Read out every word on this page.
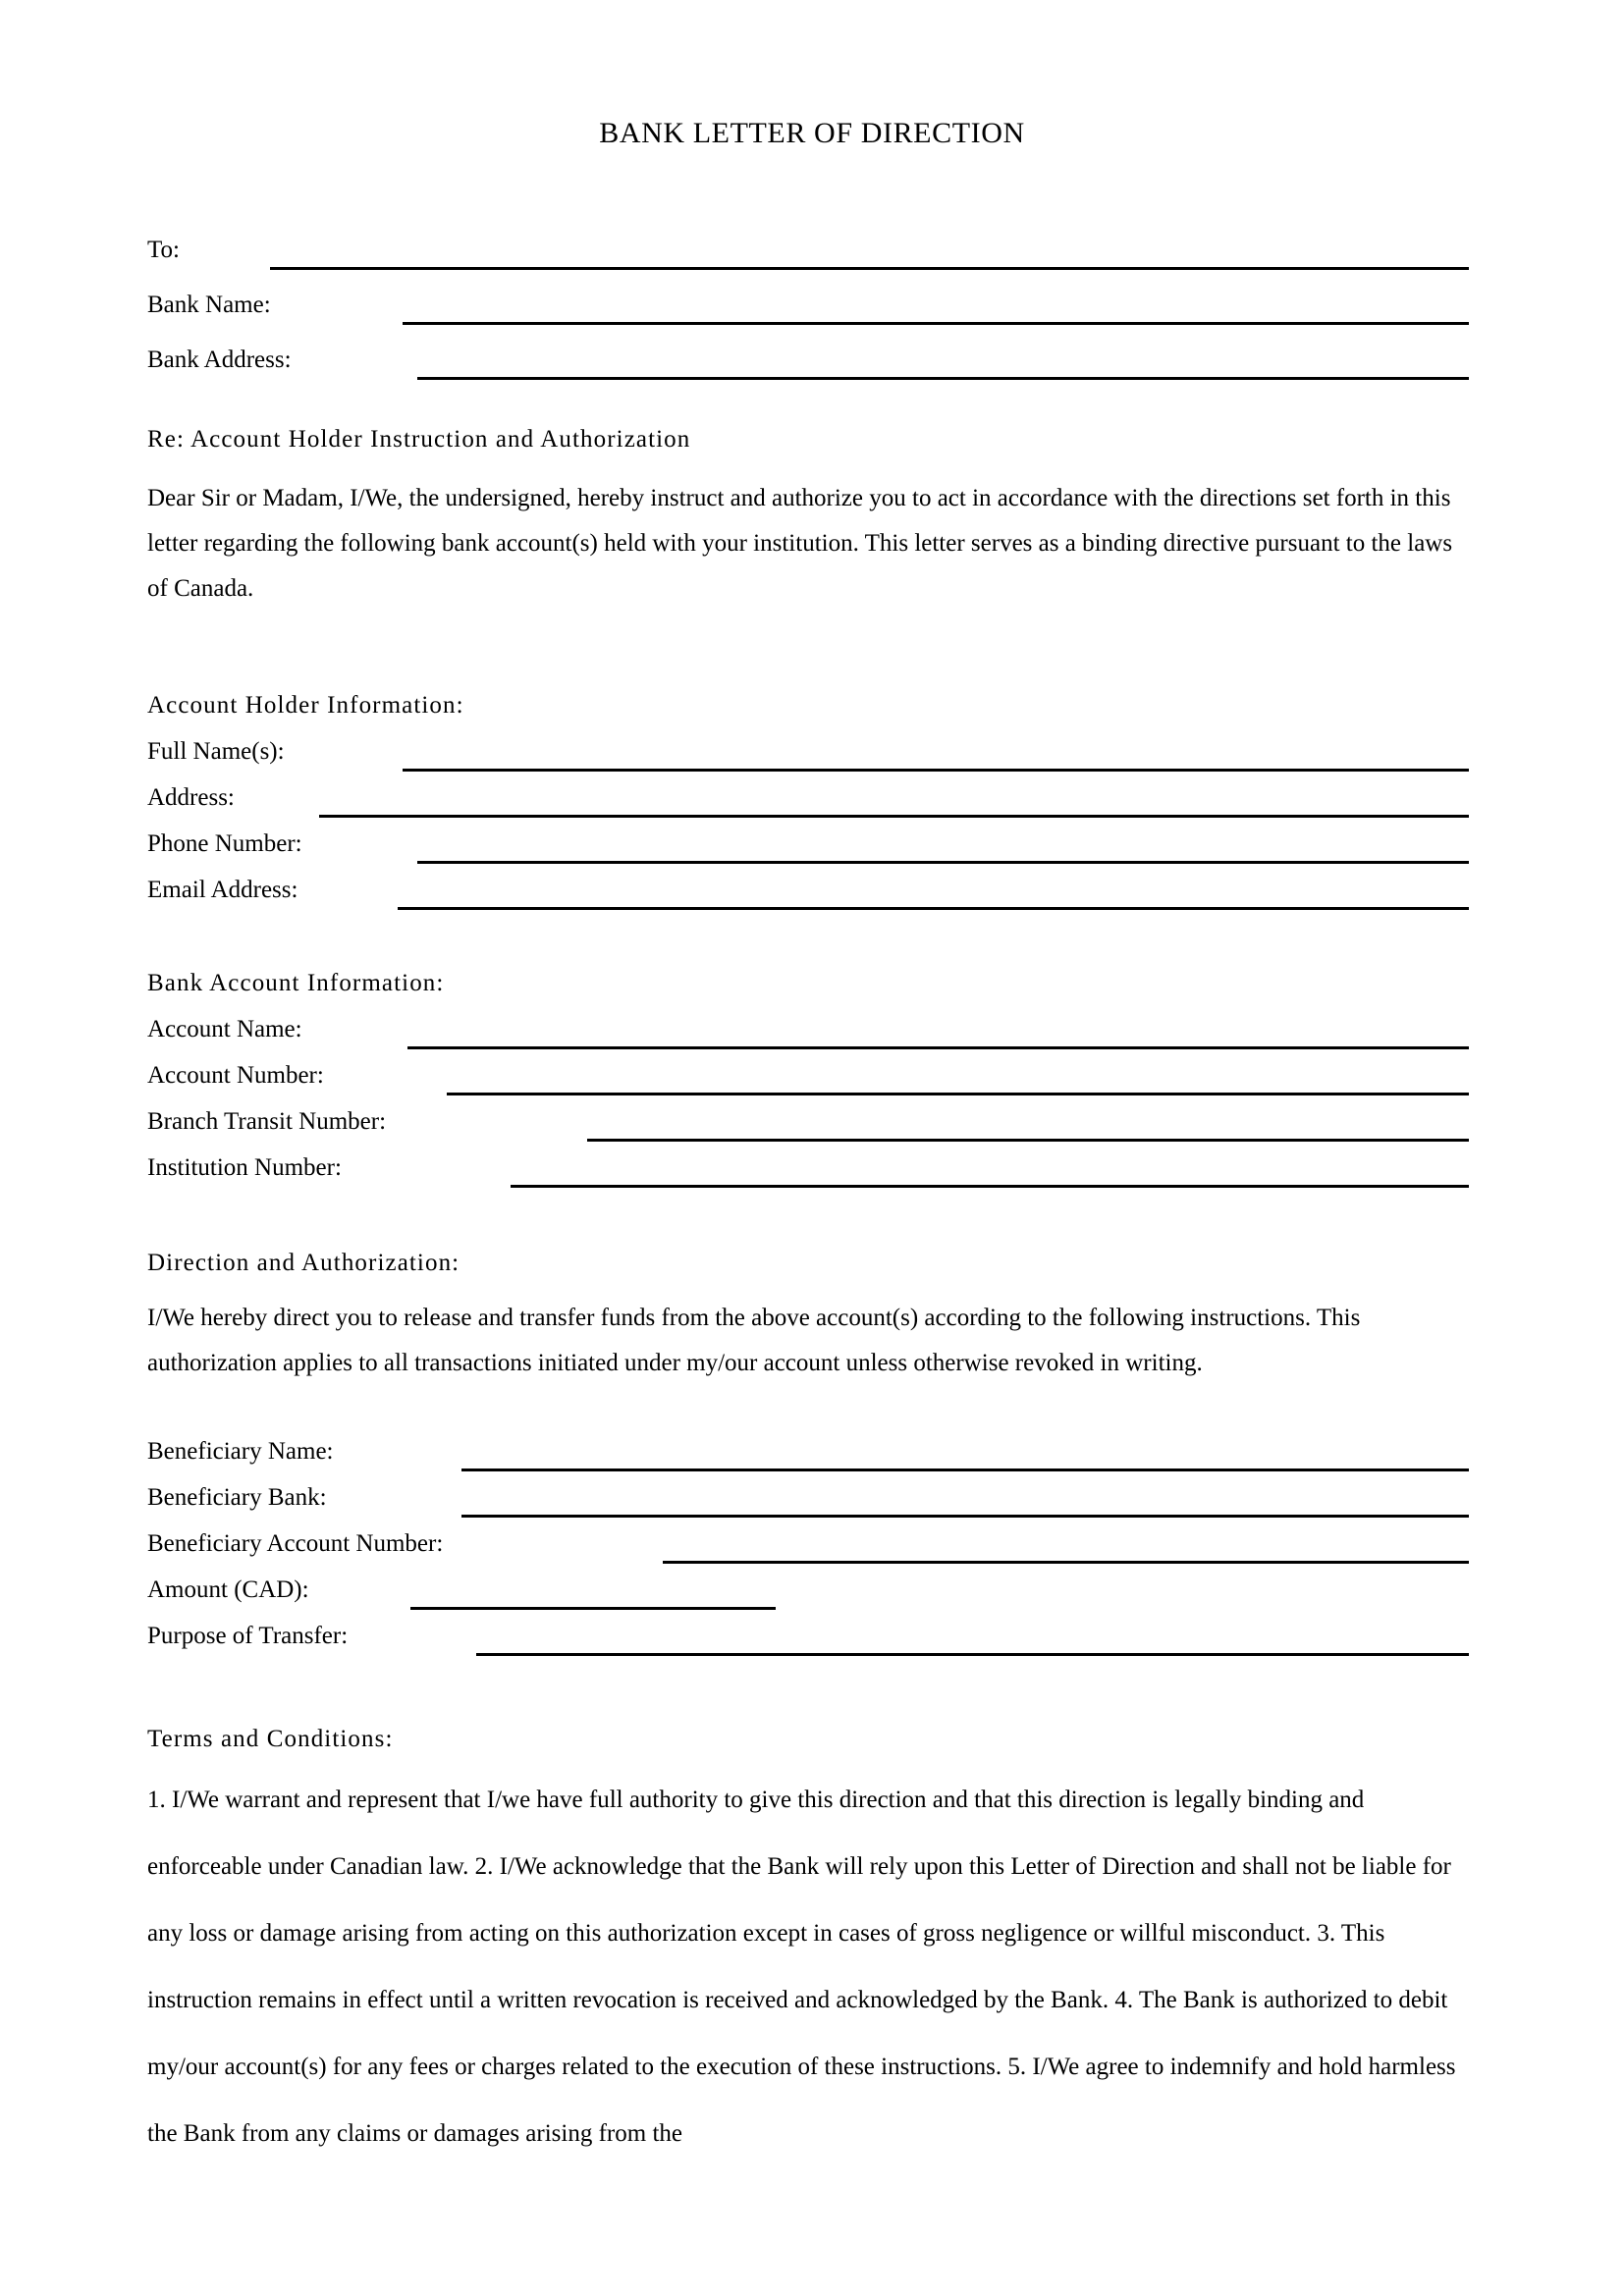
BANK LETTER OF DIRECTION
To:
Bank Name:
Bank Address:
Re: Account Holder Instruction and Authorization
Dear Sir or Madam, I/We, the undersigned, hereby instruct and authorize you to act in accordance with the directions set forth in this letter regarding the following bank account(s) held with your institution. This letter serves as a binding directive pursuant to the laws of Canada.
Account Holder Information:
Full Name(s):
Address:
Phone Number:
Email Address:
Bank Account Information:
Account Name:
Account Number:
Branch Transit Number:
Institution Number:
Direction and Authorization:
I/We hereby direct you to release and transfer funds from the above account(s) according to the following instructions. This authorization applies to all transactions initiated under my/our account unless otherwise revoked in writing.
Beneficiary Name:
Beneficiary Bank:
Beneficiary Account Number:
Amount (CAD):
Purpose of Transfer:
Terms and Conditions:
1. I/We warrant and represent that I/we have full authority to give this direction and that this direction is legally binding and enforceable under Canadian law. 2. I/We acknowledge that the Bank will rely upon this Letter of Direction and shall not be liable for any loss or damage arising from acting on this authorization except in cases of gross negligence or willful misconduct. 3. This instruction remains in effect until a written revocation is received and acknowledged by the Bank. 4. The Bank is authorized to debit my/our account(s) for any fees or charges related to the execution of these instructions. 5. I/We agree to indemnify and hold harmless the Bank from any claims or damages arising from the
